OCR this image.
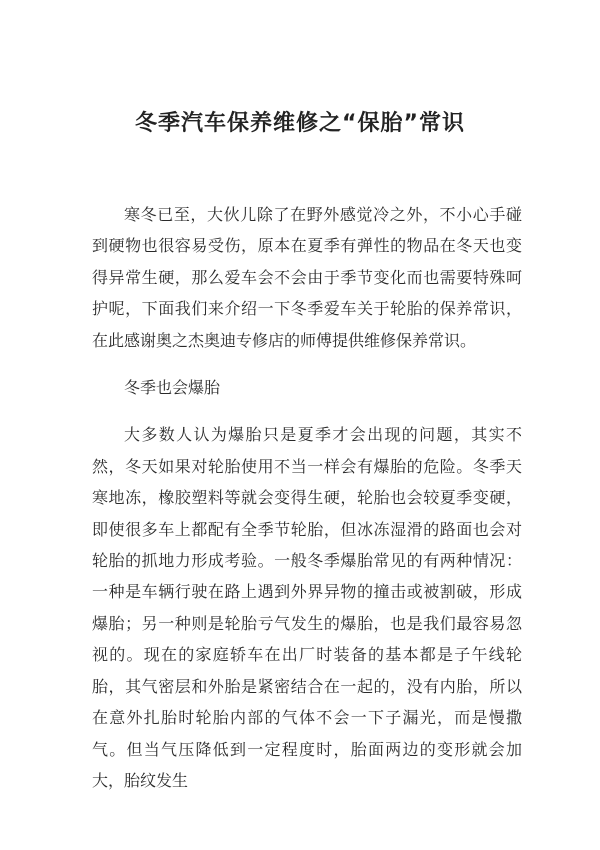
冬季汽车保养维修之“保胎”常识

寒冬已至，大伙儿除了在野外感觉冷之外，不小心手碰到硬物也很容易受伤，原本在夏季有弹性的物品在冬天也变得异常生硬，那么爱车会不会由于季节变化而也需要特殊呵护呢，下面我们来介绍一下冬季爱车关于轮胎的保养常识，在此感谢奥之杰奥迪专修店的师傅提供维修保养常识。

冬季也会爆胎

大多数人认为爆胎只是夏季才会出现的问题，其实不然，冬天如果对轮胎使用不当一样会有爆胎的危险。冬季天寒地冻，橡胶塑料等就会变得生硬，轮胎也会较夏季变硬，即使很多车上都配有全季节轮胎，但冰冻湿滑的路面也会对轮胎的抓地力形成考验。一般冬季爆胎常见的有两种情况：一种是车辆行驶在路上遇到外界异物的撞击或被割破，形成爆胎；另一种则是轮胎亏气发生的爆胎，也是我们最容易忽视的。现在的家庭轿车在出厂时装备的基本都是子午线轮胎，其气密层和外胎是紧密结合在一起的，没有内胎，所以在意外扎胎时轮胎内部的气体不会一下子漏光，而是慢撒气。但当气压降低到一定程度时，胎面两边的变形就会加大，胎纹发生
